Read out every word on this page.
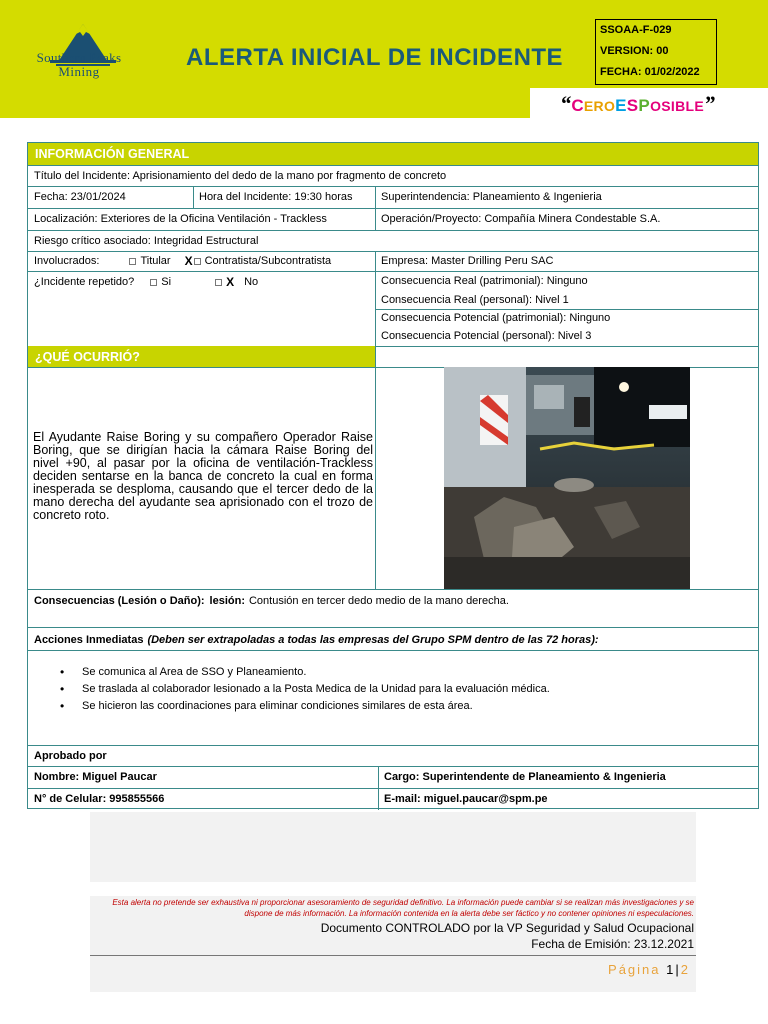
Southern Peaks
Mining
ALERTA INICIAL DE INCIDENTE
SSOAA-F-029
VERSION: 00
FECHA: 01/02/2022
“CEROESPOSIBLE”
INFORMACIÓN GENERAL
Título del Incidente: Aprisionamiento del dedo de la mano por fragmento de concreto
Fecha: 23/01/2024	Hora del Incidente: 19:30 horas	Superintendencia: Planeamiento & Ingenieria
Localización: Exteriores de la Oficina Ventilación - Trackless	Operación/Proyecto: Compañía Minera Condestable S.A.
Riesgo crítico asociado: Integridad Estructural
Involucrados:	Titular X Contratista/Subcontratista	Empresa: Master Drilling Peru SAC
¿Incidente repetido? Si	X No	Consecuencia Real (patrimonial): Ninguno
Consecuencia Real (personal): Nivel 1
Consecuencia Potencial (patrimonial): Ninguno
Consecuencia Potencial (personal): Nivel 3
¿QUÉ OCURRIÓ?
El Ayudante Raise Boring y su compañero Operador Raise Boring, que se dirigían hacia la cámara Raise Boring del nivel +90, al pasar por la oficina de ventilación-Trackless deciden sentarse en la banca de concreto la cual en forma inesperada se desploma, causando que el tercer dedo de la mano derecha del ayudante sea aprisionado con el trozo de concreto roto.
Consecuencias (Lesión o Daño): lesión: Contusión en tercer dedo medio de la mano derecha.
Acciones Inmediatas (Deben ser extrapoladas a todas las empresas del Grupo SPM dentro de las 72 horas):
• Se comunica al Area de SSO y Planeamiento.
• Se traslada al colaborador lesionado a la Posta Medica de la Unidad para la evaluación médica.
• Se hicieron las coordinaciones para eliminar condiciones similares de esta área.
Aprobado por
Nombre: Miguel Paucar	Cargo: Superintendente de Planeamiento & Ingenieria
N° de Celular: 995855566	E-mail: miguel.paucar@spm.pe
Esta alerta no pretende ser exhaustiva ni proporcionar asesoramiento de seguridad definitivo. La información puede cambiar si se realizan más investigaciones y se dispone de más información. La información contenida en la alerta debe ser fáctico y no contener opiniones ni especulaciones.
Documento CONTROLADO por la VP Seguridad y Salud Ocupacional
Fecha de Emisión: 23.12.2021
Página 1|2
